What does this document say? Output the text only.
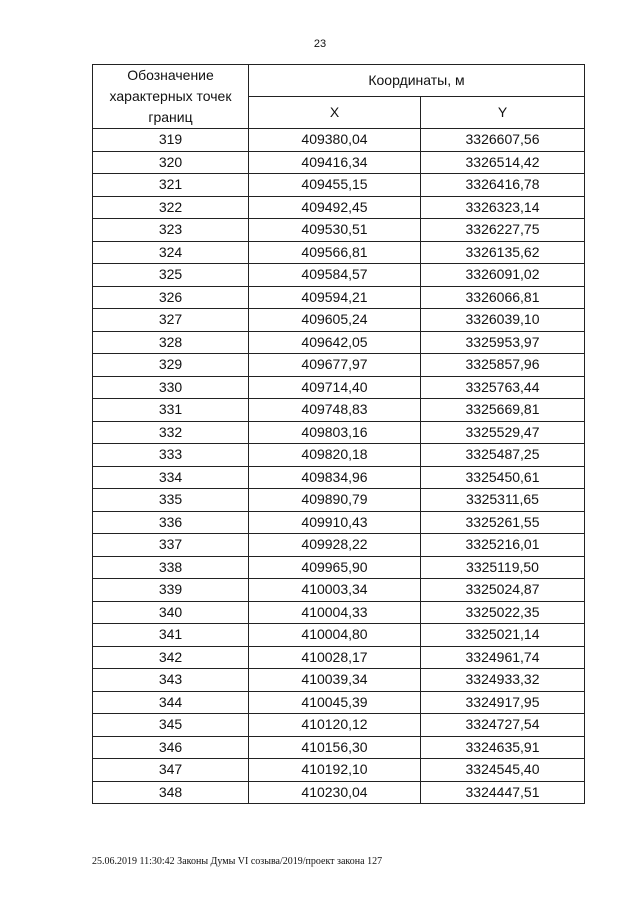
23
Обозначение характерных точек границ	Координаты, м	
	X	Y
319	409380,04	3326607,56
320	409416,34	3326514,42
321	409455,15	3326416,78
322	409492,45	3326323,14
323	409530,51	3326227,75
324	409566,81	3326135,62
325	409584,57	3326091,02
326	409594,21	3326066,81
327	409605,24	3326039,10
328	409642,05	3325953,97
329	409677,97	3325857,96
330	409714,40	3325763,44
331	409748,83	3325669,81
332	409803,16	3325529,47
333	409820,18	3325487,25
334	409834,96	3325450,61
335	409890,79	3325311,65
336	409910,43	3325261,55
337	409928,22	3325216,01
338	409965,90	3325119,50
339	410003,34	3325024,87
340	410004,33	3325022,35
341	410004,80	3325021,14
342	410028,17	3324961,74
343	410039,34	3324933,32
344	410045,39	3324917,95
345	410120,12	3324727,54
346	410156,30	3324635,91
347	410192,10	3324545,40
348	410230,04	3324447,51
25.06.2019 11:30:42 Законы Думы VI созыва/2019/проект закона 127
